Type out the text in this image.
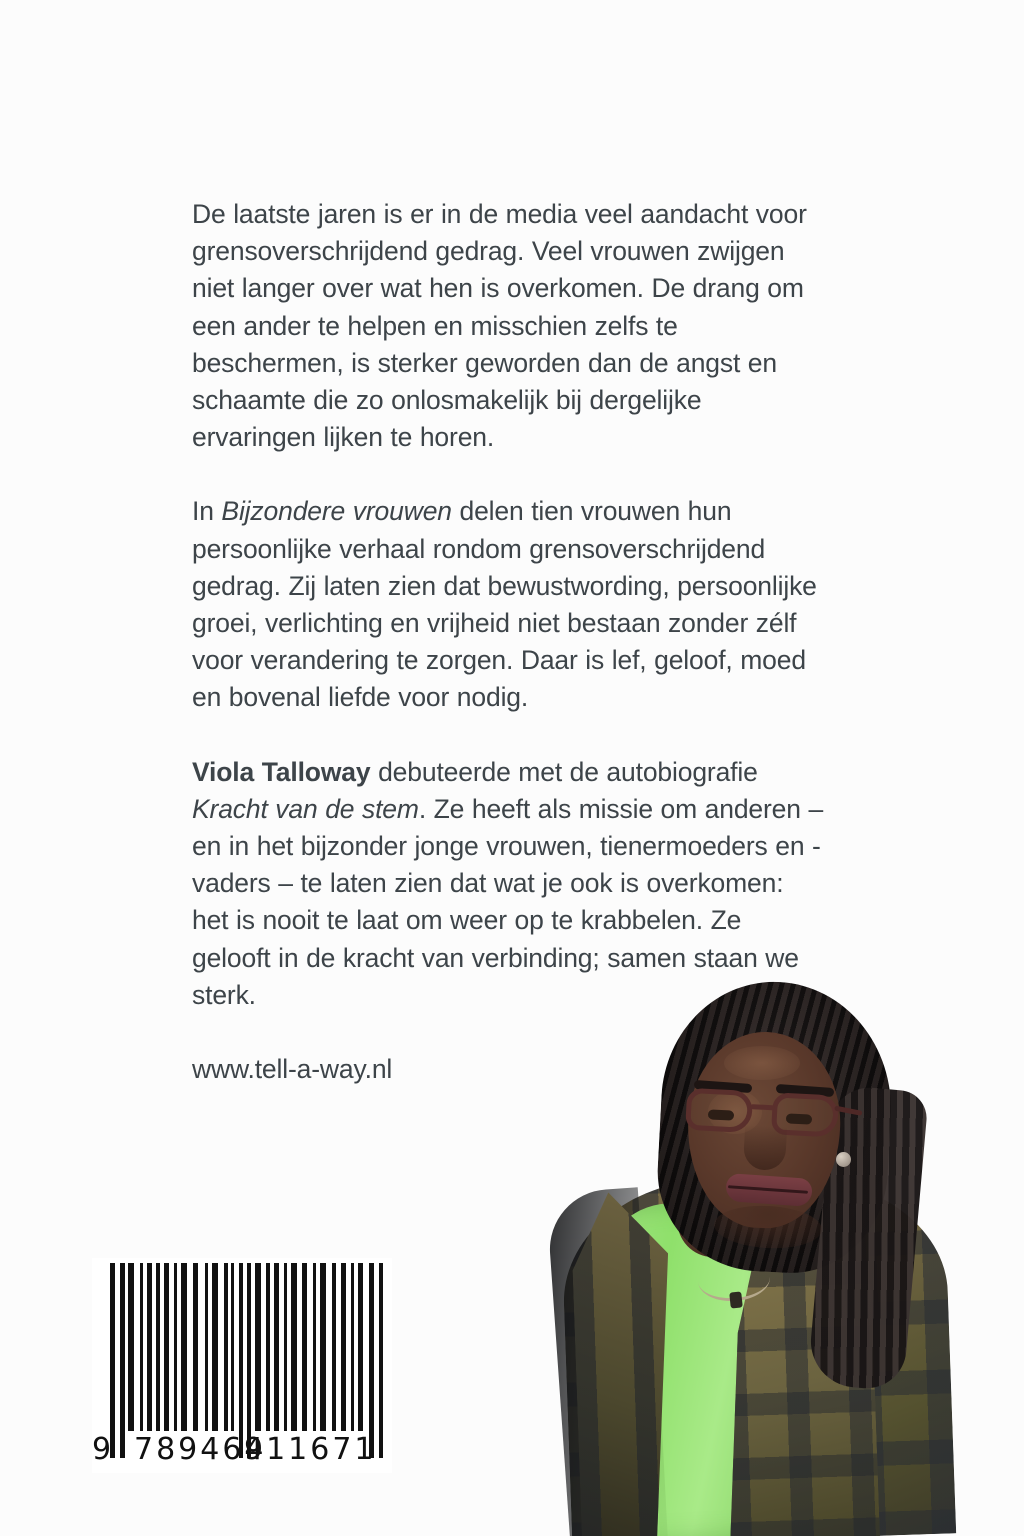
De laatste jaren is er in de media veel aandacht voor grensoverschrijdend gedrag. Veel vrouwen zwijgen niet langer over wat hen is overkomen. De drang om een ander te helpen en misschien zelfs te beschermen, is sterker geworden dan de angst en schaamte die zo onlosmakelijk bij dergelijke ervaringen lijken te horen.

In Bijzondere vrouwen delen tien vrouwen hun persoonlijke verhaal rondom grensoverschrijdend gedrag. Zij laten zien dat bewustwording, persoonlijke groei, verlichting en vrijheid niet bestaan zonder zélf voor verandering te zorgen. Daar is lef, geloof, moed en bovenal liefde voor nodig.

Viola Talloway debuteerde met de autobiografie Kracht van de stem. Ze heeft als missie om anderen – en in het bijzonder jonge vrouwen, tienermoeders en -vaders – te laten zien dat wat je ook is overkomen: het is nooit te laat om weer op te krabbelen. Ze gelooft in de kracht van verbinding; samen staan we sterk.

www.tell-a-way.nl

9 789464
911671
